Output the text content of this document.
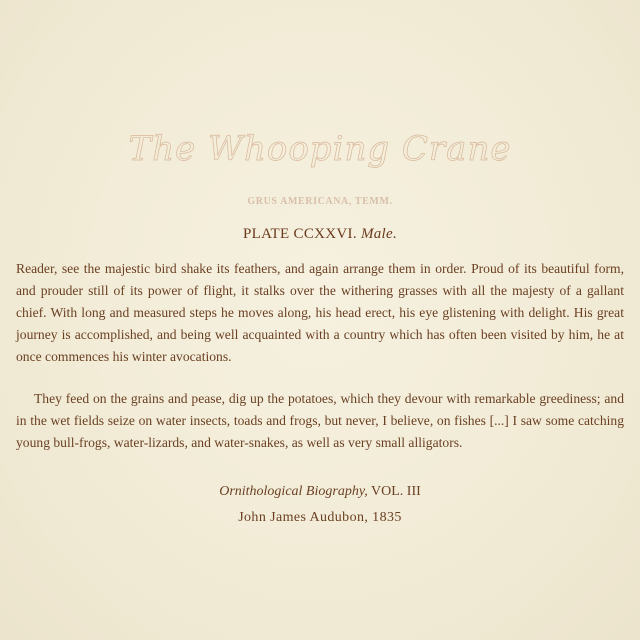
The Whooping Crane
GRUS AMERICANA, TEMM.
PLATE CCXXVI. Male.

Reader, see the majestic bird shake its feathers, and again arrange them in order. Proud of its beautiful form, and prouder still of its power of flight, it stalks over the withering grasses with all the majesty of a gallant chief. With long and measured steps he moves along, his head erect, his eye glistening with delight. His great journey is accomplished, and being well acquainted with a country which has often been visited by him, he at once commences his winter avocations.

They feed on the grains and pease, dig up the potatoes, which they devour with remarkable greediness; and in the wet fields seize on water insects, toads and frogs, but never, I believe, on fishes [...] I saw some catching young bull-frogs, water-lizards, and water-snakes, as well as very small alligators.

Ornithological Biography, VOL. III
John James Audubon, 1835
